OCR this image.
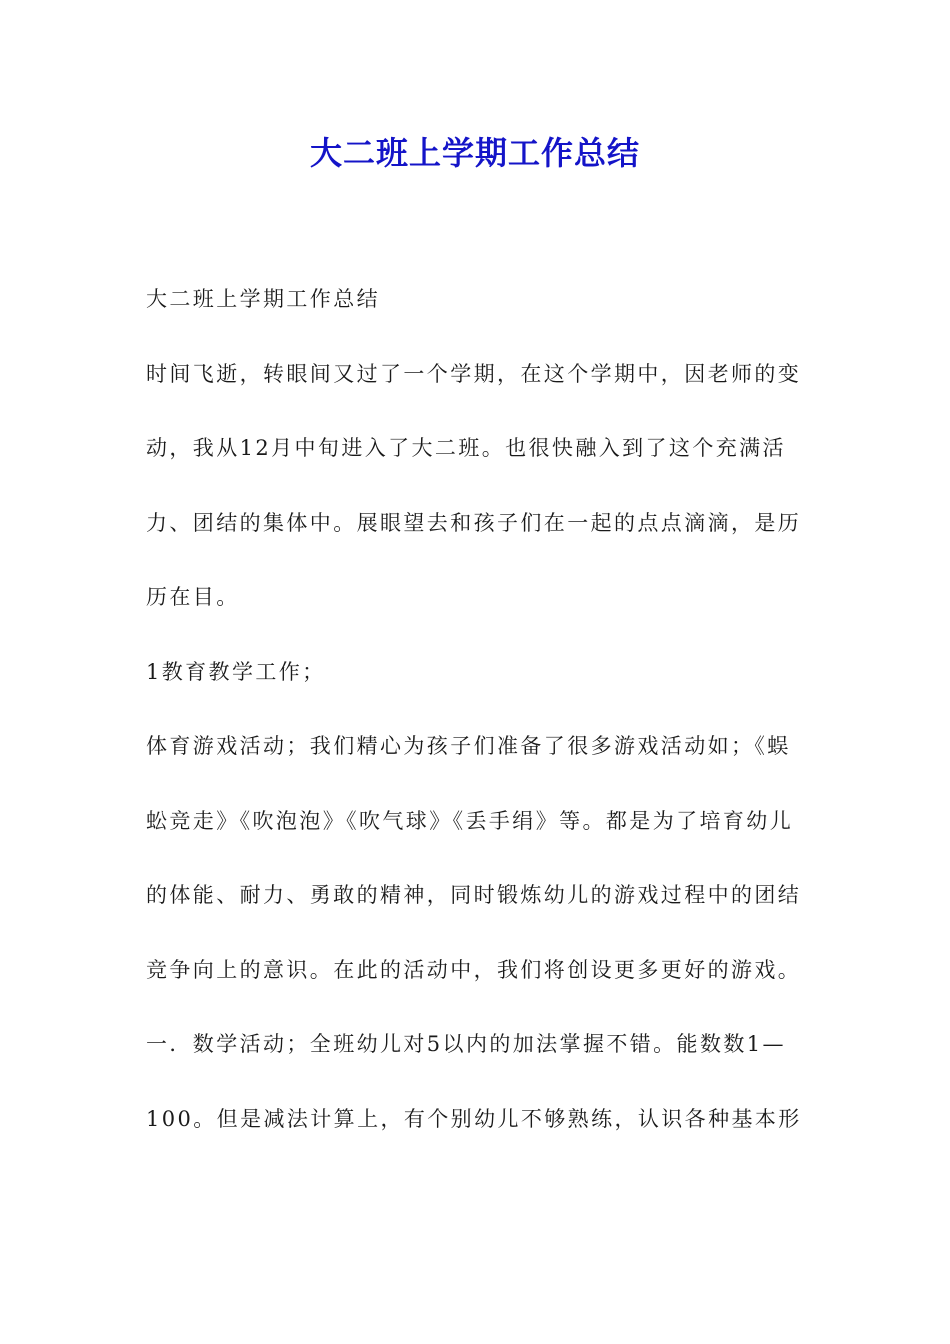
大二班上学期工作总结

大二班上学期工作总结

时间飞逝，转眼间又过了一个学期，在这个学期中，因老师的变动，我从12月中旬进入了大二班。也很快融入到了这个充满活力、团结的集体中。展眼望去和孩子们在一起的点点滴滴，是历历在目。

1教育教学工作；

体育游戏活动；我们精心为孩子们准备了很多游戏活动如；《蜈蚣竞走》《吹泡泡》《吹气球》《丢手绢》等。都是为了培育幼儿的体能、耐力、勇敢的精神，同时锻炼幼儿的游戏过程中的团结竞争向上的意识。在此的活动中，我们将创设更多更好的游戏。

一．数学活动；全班幼儿对5以内的加法掌握不错。能数数1—100。但是减法计算上，有个别幼儿不够熟练，认识各种基本形
